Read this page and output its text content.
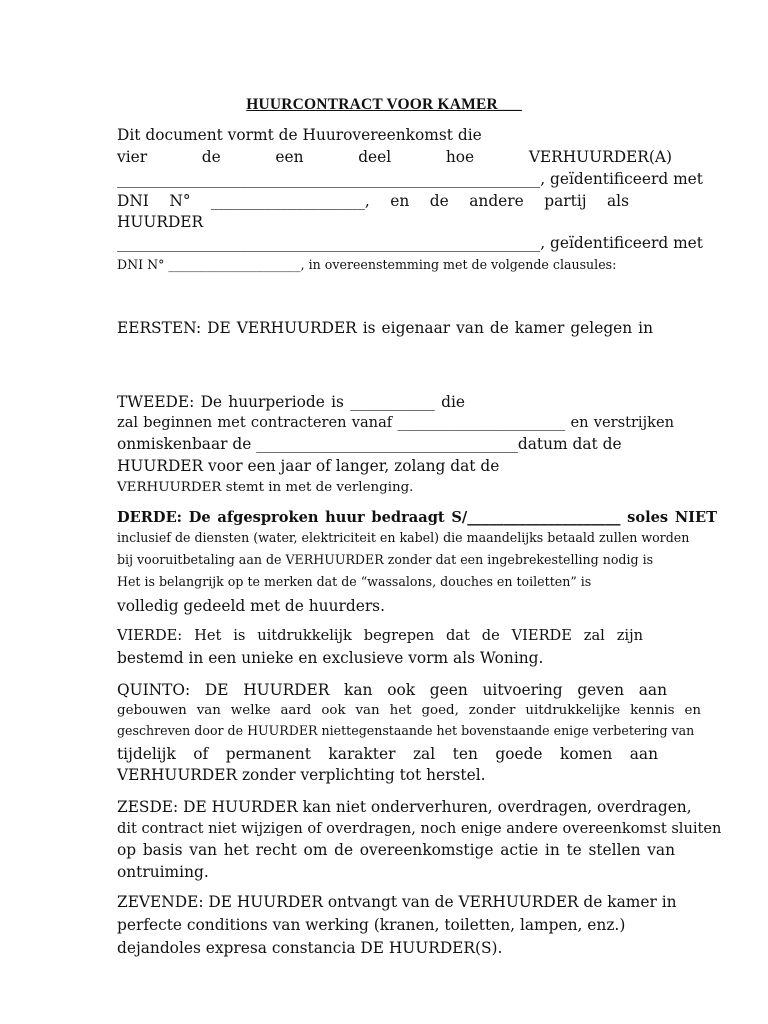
HUURCONTRACT VOOR KAMER___
Dit document vormt de Huurovereenkomst die
vier de een deel hoe VERHUURDER(A)
_______________________________________________________, geïdentificeerd met
DNI N° ____________________, en de andere partij als
HUURDER
_______________________________________________________, geïdentificeerd met
DNI N° _____________________, in overeenstemming met de volgende clausules:
EERSTEN: DE VERHUURDER is eigenaar van de kamer gelegen in
TWEEDE: De huurperiode is ___________ die
zal beginnen met contracteren vanaf _______________________ en verstrijken
onmiskenbaar de __________________________________datum dat de
HUURDER voor een jaar of langer, zolang dat de
VERHUURDER stemt in met de verlenging.
DERDE: De afgesproken huur bedraagt S/_____________________ soles NIET
inclusief de diensten (water, elektriciteit en kabel) die maandelijks betaald zullen worden
bij vooruitbetaling aan de VERHUURDER zonder dat een ingebrekestelling nodig is
Het is belangrijk op te merken dat de “wassalons, douches en toiletten” is
volledig gedeeld met de huurders.
VIERDE: Het is uitdrukkelijk begrepen dat de VIERDE zal zijn
bestemd in een unieke en exclusieve vorm als Woning.
QUINTO: DE HUURDER kan ook geen uitvoering geven aan
gebouwen van welke aard ook van het goed, zonder uitdrukkelijke kennis en
geschreven door de HUURDER niettegenstaande het bovenstaande enige verbetering van
tijdelijk of permanent karakter zal ten goede komen aan
VERHUURDER zonder verplichting tot herstel.
ZESDE: DE HUURDER kan niet onderverhuren, overdragen, overdragen,
dit contract niet wijzigen of overdragen, noch enige andere overeenkomst sluiten
op basis van het recht om de overeenkomstige actie in te stellen van
ontruiming.
ZEVENDE: DE HUURDER ontvangt van de VERHUURDER de kamer in
perfecte conditions van werking (kranen, toiletten, lampen, enz.)
dejandoles expresa constancia DE HUURDER(S).
